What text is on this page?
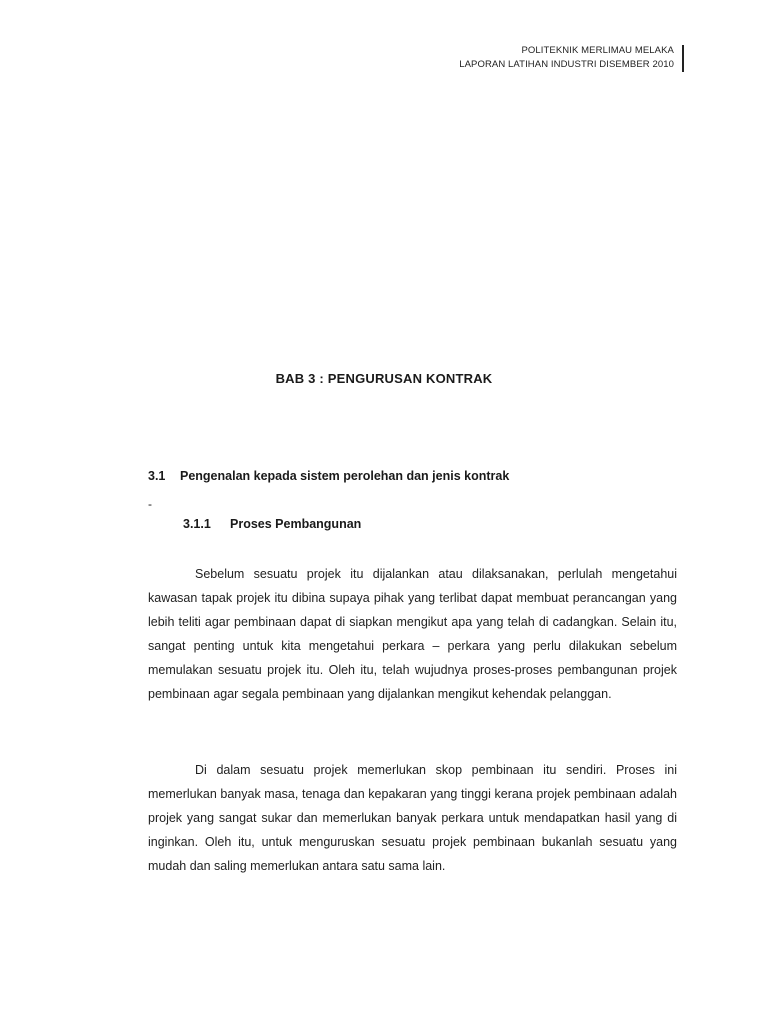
POLITEKNIK MERLIMAU MELAKA
LAPORAN LATIHAN INDUSTRI DISEMBER 2010
BAB 3 : PENGURUSAN KONTRAK
3.1 Pengenalan kepada sistem perolehan dan jenis kontrak
-
3.1.1 Proses Pembangunan

Sebelum sesuatu projek itu dijalankan atau dilaksanakan, perlulah mengetahui kawasan tapak projek itu dibina supaya pihak yang terlibat dapat membuat perancangan yang lebih teliti agar pembinaan dapat di siapkan mengikut apa yang telah di cadangkan. Selain itu, sangat penting untuk kita mengetahui perkara – perkara yang perlu dilakukan sebelum memulakan sesuatu projek itu. Oleh itu, telah wujudnya proses-proses pembangunan projek pembinaan agar segala pembinaan yang dijalankan mengikut kehendak pelanggan.

Di dalam sesuatu projek memerlukan skop pembinaan itu sendiri. Proses ini memerlukan banyak masa, tenaga dan kepakaran yang tinggi kerana projek pembinaan adalah projek yang sangat sukar dan memerlukan banyak perkara untuk mendapatkan hasil yang di inginkan. Oleh itu, untuk menguruskan sesuatu projek pembinaan bukanlah sesuatu yang mudah dan saling memerlukan antara satu sama lain.
